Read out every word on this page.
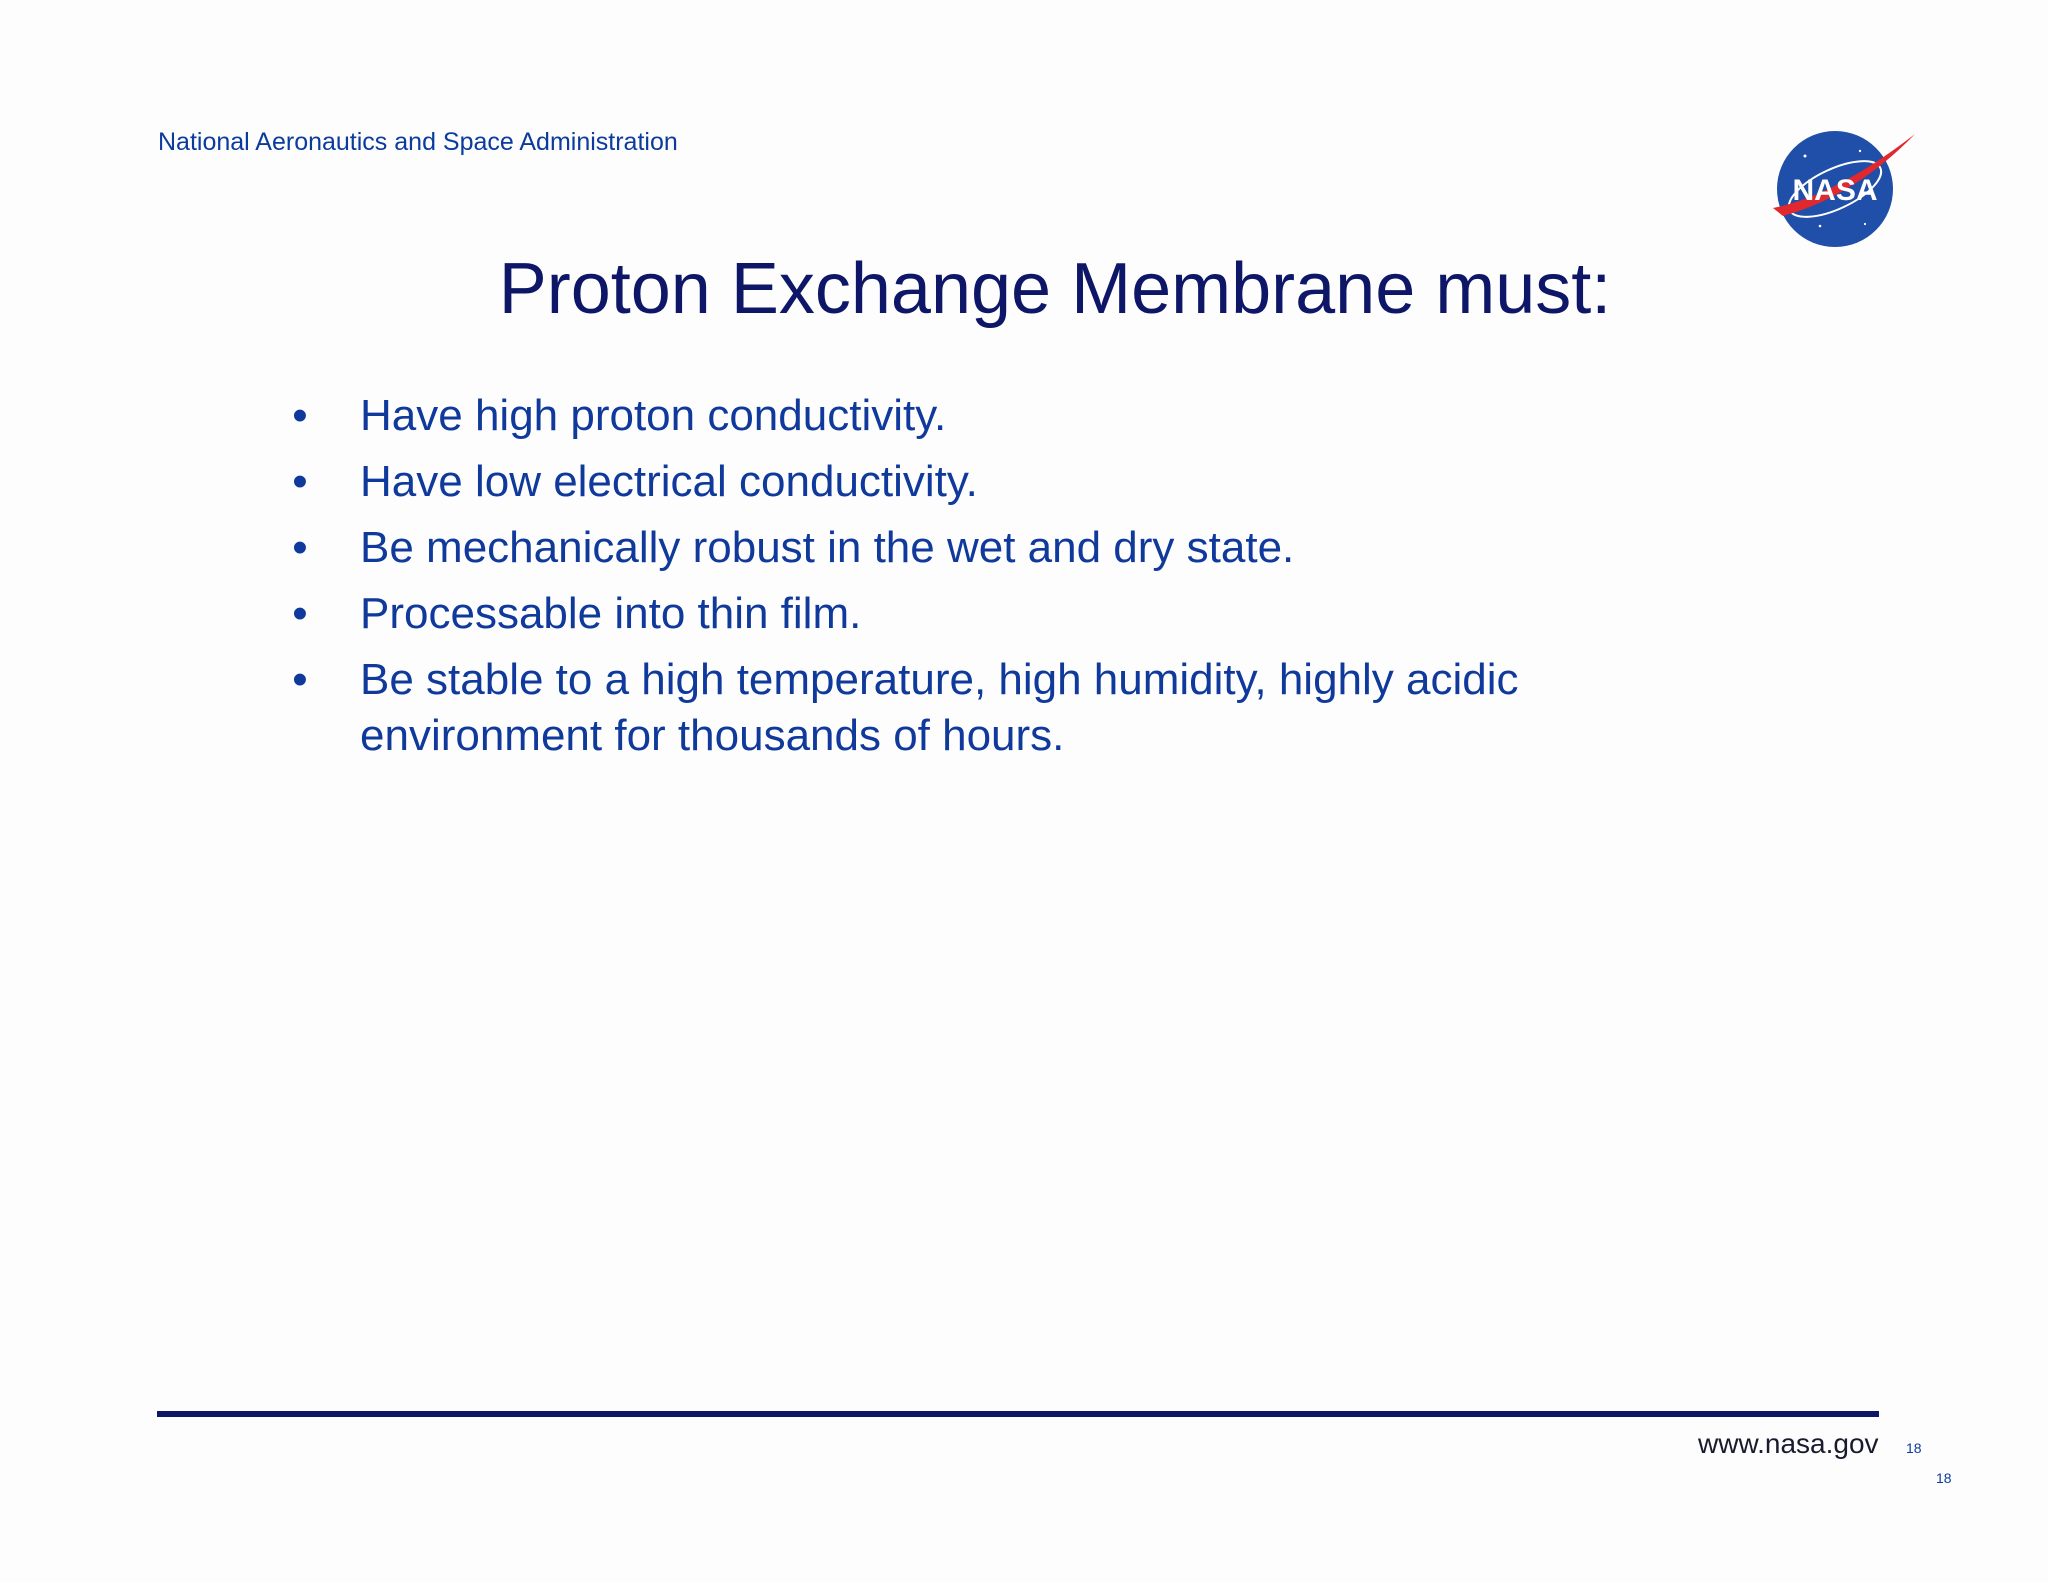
National Aeronautics and Space Administration
NASA
Proton Exchange Membrane must:
• Have high proton conductivity.
• Have low electrical conductivity.
• Be mechanically robust in the wet and dry state.
• Processable into thin film.
• Be stable to a high temperature, high humidity, highly acidic environment for thousands of hours.
www.nasa.gov 18
18
